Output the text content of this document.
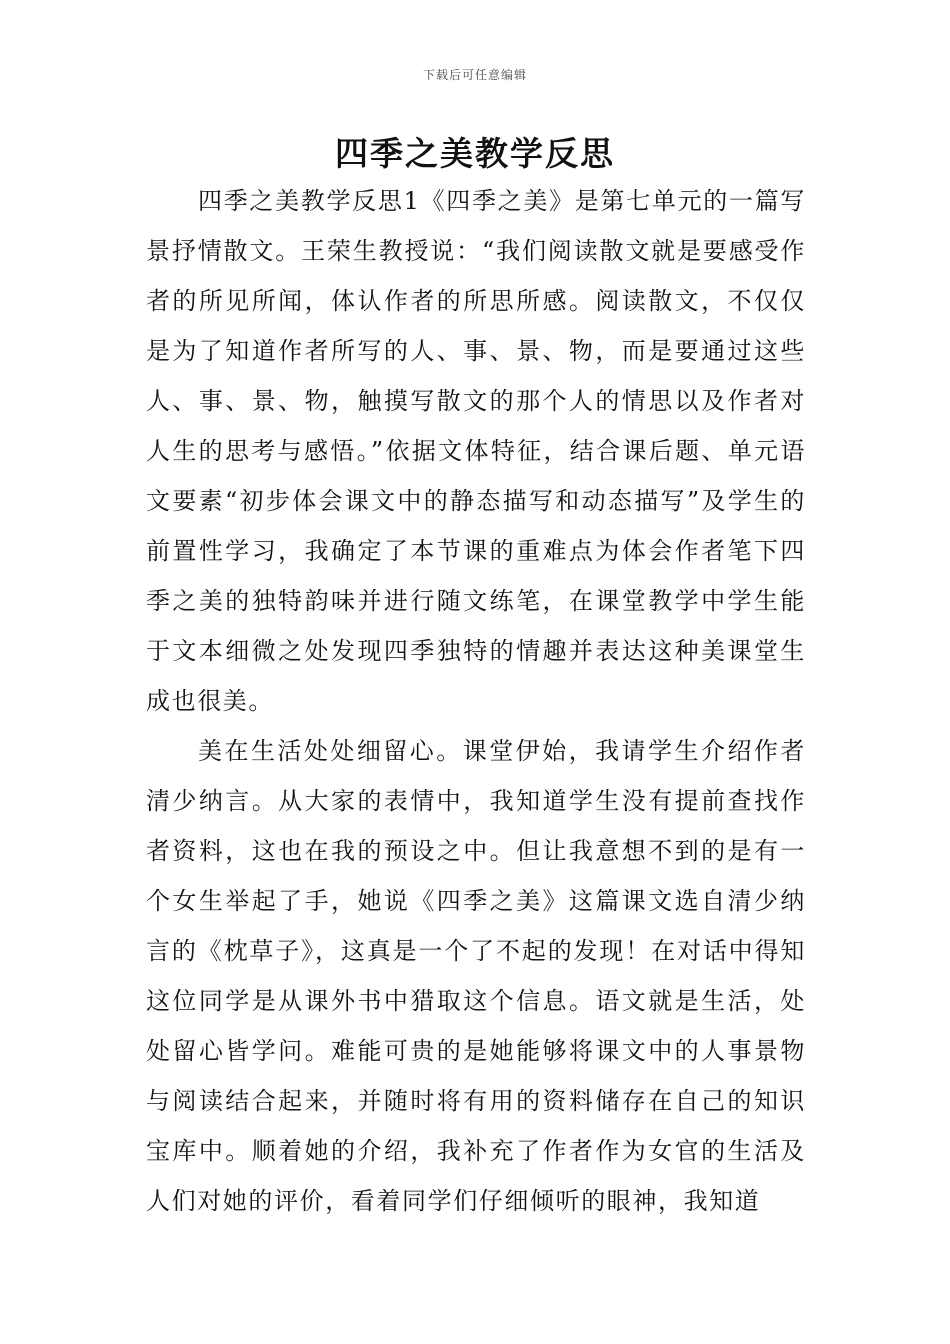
下载后可任意编辑
四季之美教学反思

四季之美教学反思1《四季之美》是第七单元的一篇写景抒情散文。王荣生教授说：“我们阅读散文就是要感受作者的所见所闻，体认作者的所思所感。阅读散文，不仅仅是为了知道作者所写的人、事、景、物，而是要通过这些人、事、景、物，触摸写散文的那个人的情思以及作者对人生的思考与感悟。”依据文体特征，结合课后题、单元语文要素“初步体会课文中的静态描写和动态描写”及学生的前置性学习，我确定了本节课的重难点为体会作者笔下四季之美的独特韵味并进行随文练笔，在课堂教学中学生能于文本细微之处发现四季独特的情趣并表达这种美课堂生成也很美。

美在生活处处细留心。课堂伊始，我请学生介绍作者清少纳言。从大家的表情中，我知道学生没有提前查找作者资料，这也在我的预设之中。但让我意想不到的是有一个女生举起了手，她说《四季之美》这篇课文选自清少纳言的《枕草子》，这真是一个了不起的发现！在对话中得知这位同学是从课外书中猎取这个信息。语文就是生活，处处留心皆学问。难能可贵的是她能够将课文中的人事景物与阅读结合起来，并随时将有用的资料储存在自己的知识宝库中。顺着她的介绍，我补充了作者作为女官的生活及人们对她的评价，看着同学们仔细倾听的眼神，我知道
